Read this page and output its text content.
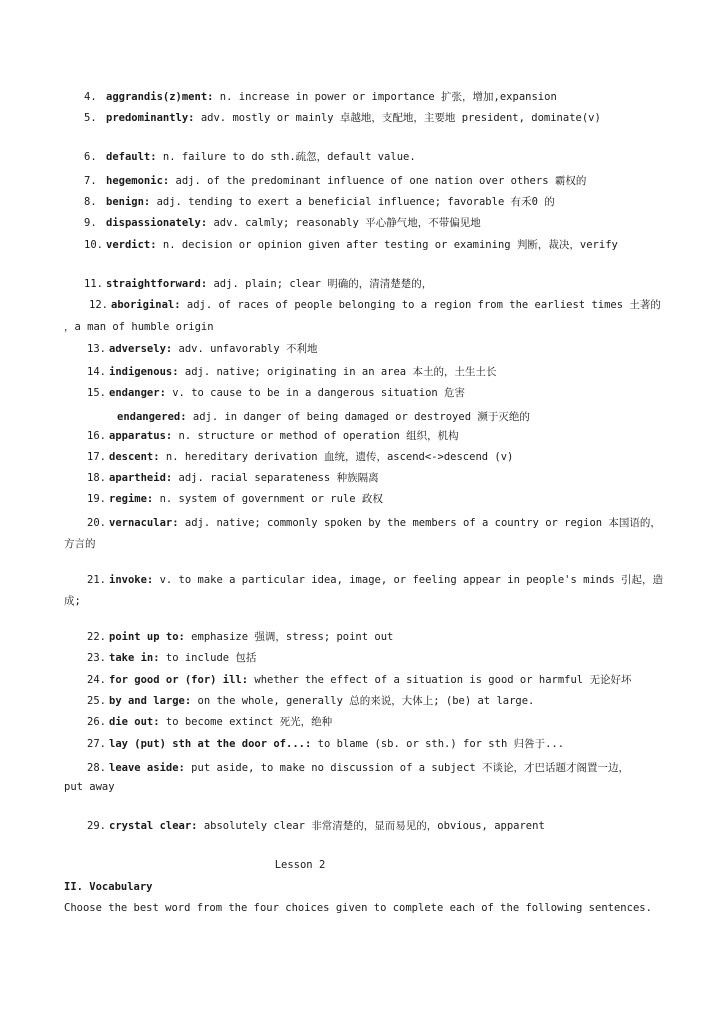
4. aggrandis(z)ment: n. increase in power or importance 扩张，增加,expansion
5. predominantly: adv. mostly or mainly 卓越地，支配地，主要地 president, dominate(v)
6. default: n. failure to do sth.疏忽，default value.
7. hegemonic: adj. of the predominant influence of one nation over others 霸权的
8. benign: adj. tending to exert a beneficial influence; favorable 有禾0 的
9. dispassionately: adv. calmly; reasonably 平心静气地，不带偏见地
10. verdict: n. decision or opinion given after testing or examining 判断，裁决，verify
11. straightforward: adj. plain; clear 明确的，清清楚楚的，
12. aboriginal: adj. of races of people belonging to a region from the earliest times 土著的
，a man of humble origin
13. adversely: adv. unfavorably 不利地
14. indigenous: adj. native; originating in an area 本土的，土生土长
15. endanger: v. to cause to be in a dangerous situation 危害
endangered: adj. in danger of being damaged or destroyed 濒于灭绝的
16. apparatus: n. structure or method of operation 组织，机构
17. descent: n. hereditary derivation 血统，遗传，ascend<->descend (v)
18. apartheid: adj. racial separateness 种族隔离
19. regime: n. system of government or rule 政权
20. vernacular: adj. native; commonly spoken by the members of a country or region 本国语的，
方言的
21. invoke: v. to make a particular idea, image, or feeling appear in people's minds 引起，造
成;
22. point up to: emphasize 强调，stress; point out
23. take in: to include 包括
24. for good or (for) ill: whether the effect of a situation is good or harmful 无论好坏
25. by and large: on the whole, generally 总的来说，大体上; (be) at large.
26. die out: to become extinct 死光，绝种
27. lay (put) sth at the door of...: to blame (sb. or sth.) for sth 归咎于...
28. leave aside: put aside, to make no discussion of a subject 不谈论，才巴话题才阁置一边，
put away
29. crystal clear: absolutely clear 非常清楚的，显而易见的，obvious, apparent
Lesson 2
II. Vocabulary
Choose the best word from the four choices given to complete each of the following sentences.
